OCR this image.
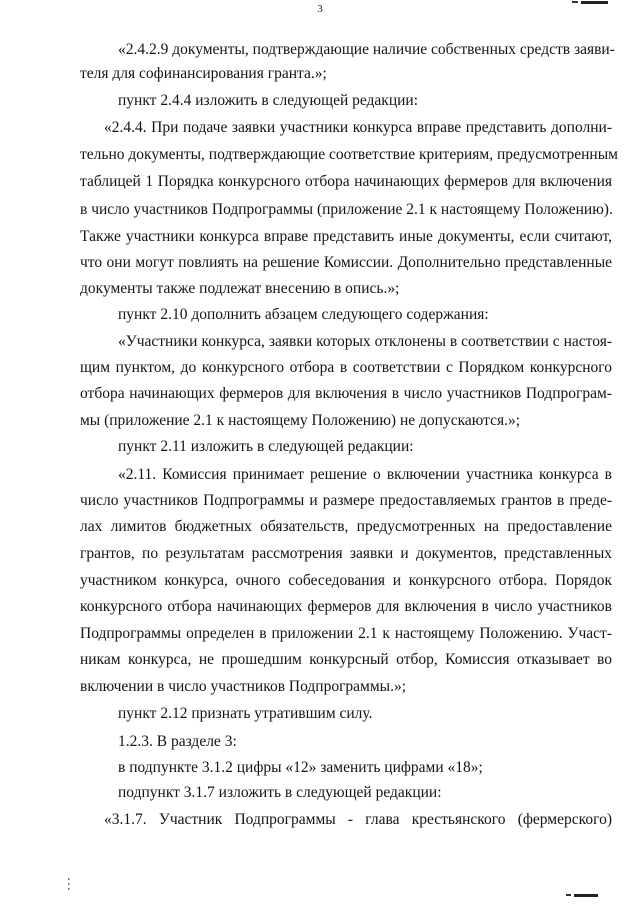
3
«2.4.2.9 документы, подтверждающие наличие собственных средств заяви-
теля для софинансирования гранта.»;
пункт 2.4.4 изложить в следующей редакции:
«2.4.4. При подаче заявки участники конкурса вправе представить дополни-
тельно документы, подтверждающие соответствие критериям, предусмотренным
таблицей 1 Порядка конкурсного отбора начинающих фермеров для включения
в число участников Подпрограммы (приложение 2.1 к настоящему Положению).
Также участники конкурса вправе представить иные документы, если считают,
что они могут повлиять на решение Комиссии. Дополнительно представленные
документы также подлежат внесению в опись.»;
пункт 2.10 дополнить абзацем следующего содержания:
«Участники конкурса, заявки которых отклонены в соответствии с настоя-
щим пунктом, до конкурсного отбора в соответствии с Порядком конкурсного
отбора начинающих фермеров для включения в число участников Подпрограм-
мы (приложение 2.1 к настоящему Положению) не допускаются.»;
пункт 2.11 изложить в следующей редакции:
«2.11. Комиссия принимает решение о включении участника конкурса в
число участников Подпрограммы и размере предоставляемых грантов в преде-
лах лимитов бюджетных обязательств, предусмотренных на предоставление
грантов, по результатам рассмотрения заявки и документов, представленных
участником конкурса, очного собеседования и конкурсного отбора. Порядок
конкурсного отбора начинающих фермеров для включения в число участников
Подпрограммы определен в приложении 2.1 к настоящему Положению. Участ-
никам конкурса, не прошедшим конкурсный отбор, Комиссия отказывает во
включении в число участников Подпрограммы.»;
пункт 2.12 признать утратившим силу.
1.2.3. В разделе 3:
в подпункте 3.1.2 цифры «12» заменить цифрами «18»;
подпункт 3.1.7 изложить в следующей редакции:
«3.1.7. Участник Подпрограммы - глава крестьянского (фермерского)
